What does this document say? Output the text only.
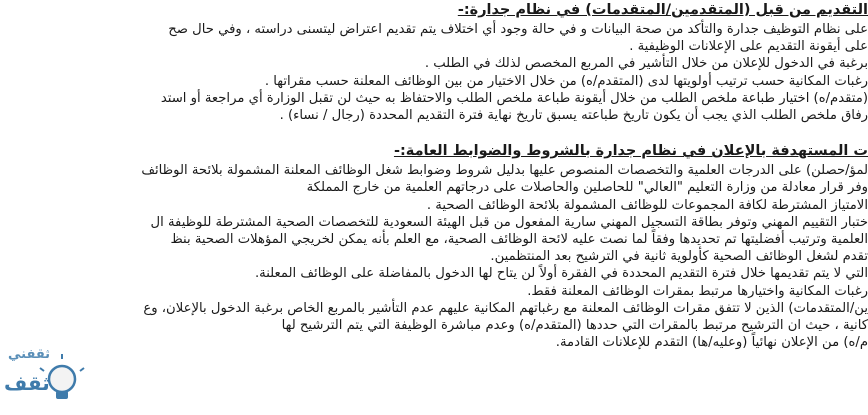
التقديم من قبل (المتقدمين/المتقدمات) في نظام جدارة:-
على نظام التوظيف جدارة والتأكد من صحة البيانات و في حالة وجود أي اختلاف يتم تقديم اعتراض ليتسنى دراسته ، وفي حال صح
على أيقونة التقديم على الإعلانات الوظيفية .
برغبة في الدخول للإعلان من خلال التأشير في المربع المخصص لذلك في الطلب .
رغبات المكانية حسب ترتيب أولويتها لدى (المتقدم/ه) من خلال الاختيار من بين الوظائف المعلنة حسب مقراتها .
(متقدم/ه) اختيار طباعة ملخص الطلب من خلال أيقونة طباعة ملخص الطلب والاحتفاظ به حيث لن تقبل الوزارة أي مراجعة أو استد
رفاق ملخص الطلب الذي يجب أن يكون تاريخ طباعته يسبق تاريخ نهاية فترة التقديم المحددة (رجال / نساء) .
ت المستهدفة بالإعلان في نظام جدارة بالشروط والضوابط العامة:-
لمؤ/حصلن) على الدرجات العلمية والتخصصات المنصوص عليها بدليل شروط وضوابط شغل الوظائف المعلنة المشمولة بلائحة الوظائف
وفر قرار معادلة من وزارة التعليم "العالي" للحاصلين والحاصلات على درجاتهم العلمية من خارج المملكة
الامتياز المشترطة لكافة المجموعات للوظائف المشمولة بلائحة الوظائف الصحية .
ختبار التقييم المهني وتوفر بطاقة التسجيل المهني سارية المفعول من قبل الهيئة السعودية للتخصصات الصحية المشترطة للوظيفة ال
العلمية وترتيب أفضليتها تم تحديدها وفقاً لما نصت عليه لائحة الوظائف الصحية، مع العلم بأنه يمكن لخريجي المؤهلات الصحية بنظ
تقدم لشغل الوظائف الصحية كأولوية ثانية في الترشيح بعد المنتظمين.
التي لا يتم تقديمها خلال فترة التقديم المحددة في الفقرة أولاً لن يتاح لها الدخول بالمفاضلة على الوظائف المعلنة.
رغبات المكانية واختيارها مرتبط بمقرات الوظائف المعلنة فقط.
ين/المتقدمات) الذين لا تتفق مقرات الوظائف المعلنة مع رغباتهم المكانية عليهم عدم التأشير بالمربع الخاص برغبة الدخول بالإعلان، وع
كانية ، حيث ان الترشيح مرتبط بالمقرات التي حددها (المتقدم/ه) وعدم مباشرة الوظيفة التي يتم الترشيح لها
م/ه) من الإعلان نهائياً (وعليه/ها) التقدم للإعلانات القادمة.
ثقفني
ثقف
